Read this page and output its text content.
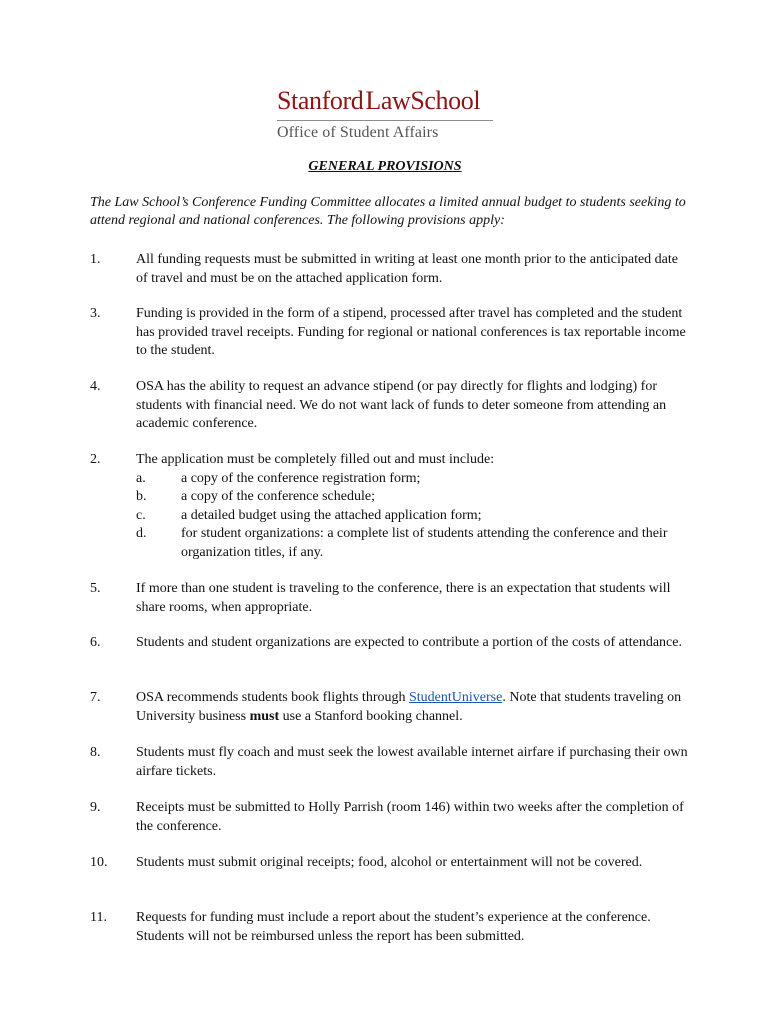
StanfordLawSchool
Office of Student Affairs
GENERAL PROVISIONS
The Law School’s Conference Funding Committee allocates a limited annual budget to students seeking to attend regional and national conferences. The following provisions apply:
1.	All funding requests must be submitted in writing at least one month prior to the anticipated date of travel and must be on the attached application form.
3.	Funding is provided in the form of a stipend, processed after travel has completed and the student has provided travel receipts. Funding for regional or national conferences is tax reportable income to the student.
4.	OSA has the ability to request an advance stipend (or pay directly for flights and lodging) for students with financial need. We do not want lack of funds to deter someone from attending an academic conference.
2.	The application must be completely filled out and must include:
a.	a copy of the conference registration form;
b. a copy of the conference schedule;
c.	a detailed budget using the attached application form;
d. for student organizations: a complete list of students attending the conference and their organization titles, if any.
5.	If more than one student is traveling to the conference, there is an expectation that students will share rooms, when appropriate.
6.	Students and student organizations are expected to contribute a portion of the costs of attendance.
7.	OSA recommends students book flights through StudentUniverse. Note that students traveling on University business must use a Stanford booking channel.
8.	Students must fly coach and must seek the lowest available internet airfare if purchasing their own airfare tickets.
9.	Receipts must be submitted to Holly Parrish (room 146) within two weeks after the completion of the conference.
10. Students must submit original receipts; food, alcohol or entertainment will not be covered.
11. Requests for funding must include a report about the student’s experience at the conference. Students will not be reimbursed unless the report has been submitted.
